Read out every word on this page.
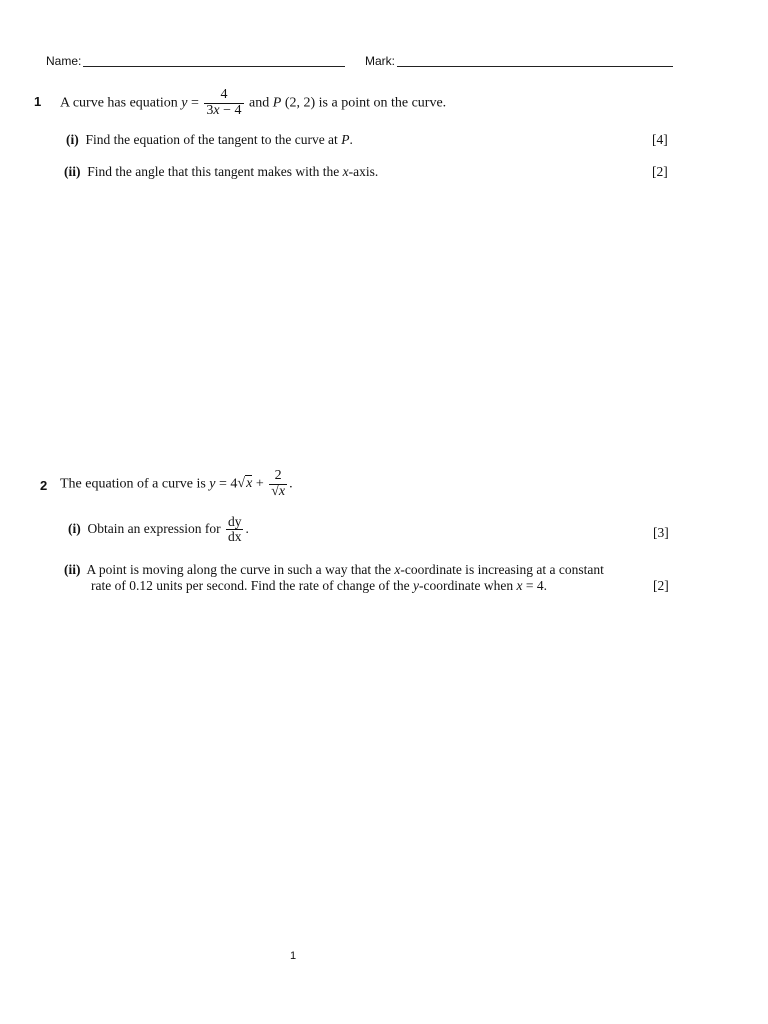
Name:	Mark:
1 A curve has equation $y = \frac{4}{3x - 4}$ and P (2, 2) is a point on the curve.
(i) Find the equation of the tangent to the curve at P.	[4]
(ii) Find the angle that this tangent makes with the x-axis.	[2]
2 The equation of a curve is $y = 4√x + \frac{2}{√x}$ .
(i) Obtain an expression for $\frac{dy}{dx}$ .	[3]
(ii) A point is moving along the curve in such a way that the x-coordinate is increasing at a constant
rate of 0.12 units per second. Find the rate of change of the y-coordinate when x = 4.	[2]
1
